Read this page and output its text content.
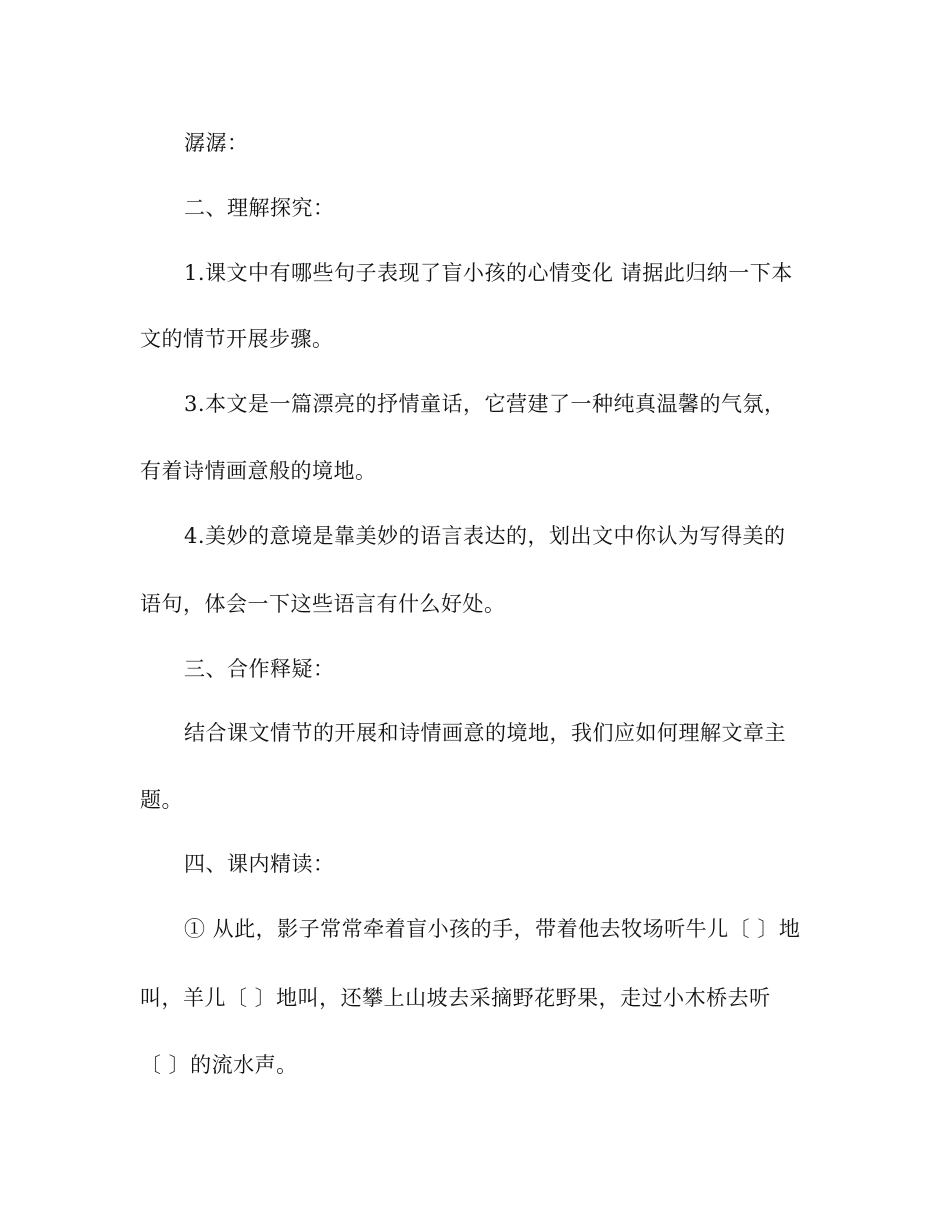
潺潺：
二、理解探究：
1.课文中有哪些句子表现了盲小孩的心情变化 请据此归纳一下本
文的情节开展步骤。
3.本文是一篇漂亮的抒情童话，它营建了一种纯真温馨的气氛，
有着诗情画意般的境地。
4.美妙的意境是靠美妙的语言表达的，划出文中你认为写得美的
语句，体会一下这些语言有什么好处。
三、合作释疑：
结合课文情节的开展和诗情画意的境地，我们应如何理解文章主
题。
四、课内精读：
① 从此，影子常常牵着盲小孩的手，带着他去牧场听牛儿〔 〕地
叫，羊儿〔 〕地叫，还攀上山坡去采摘野花野果，走过小木桥去听
〔 〕的流水声。
